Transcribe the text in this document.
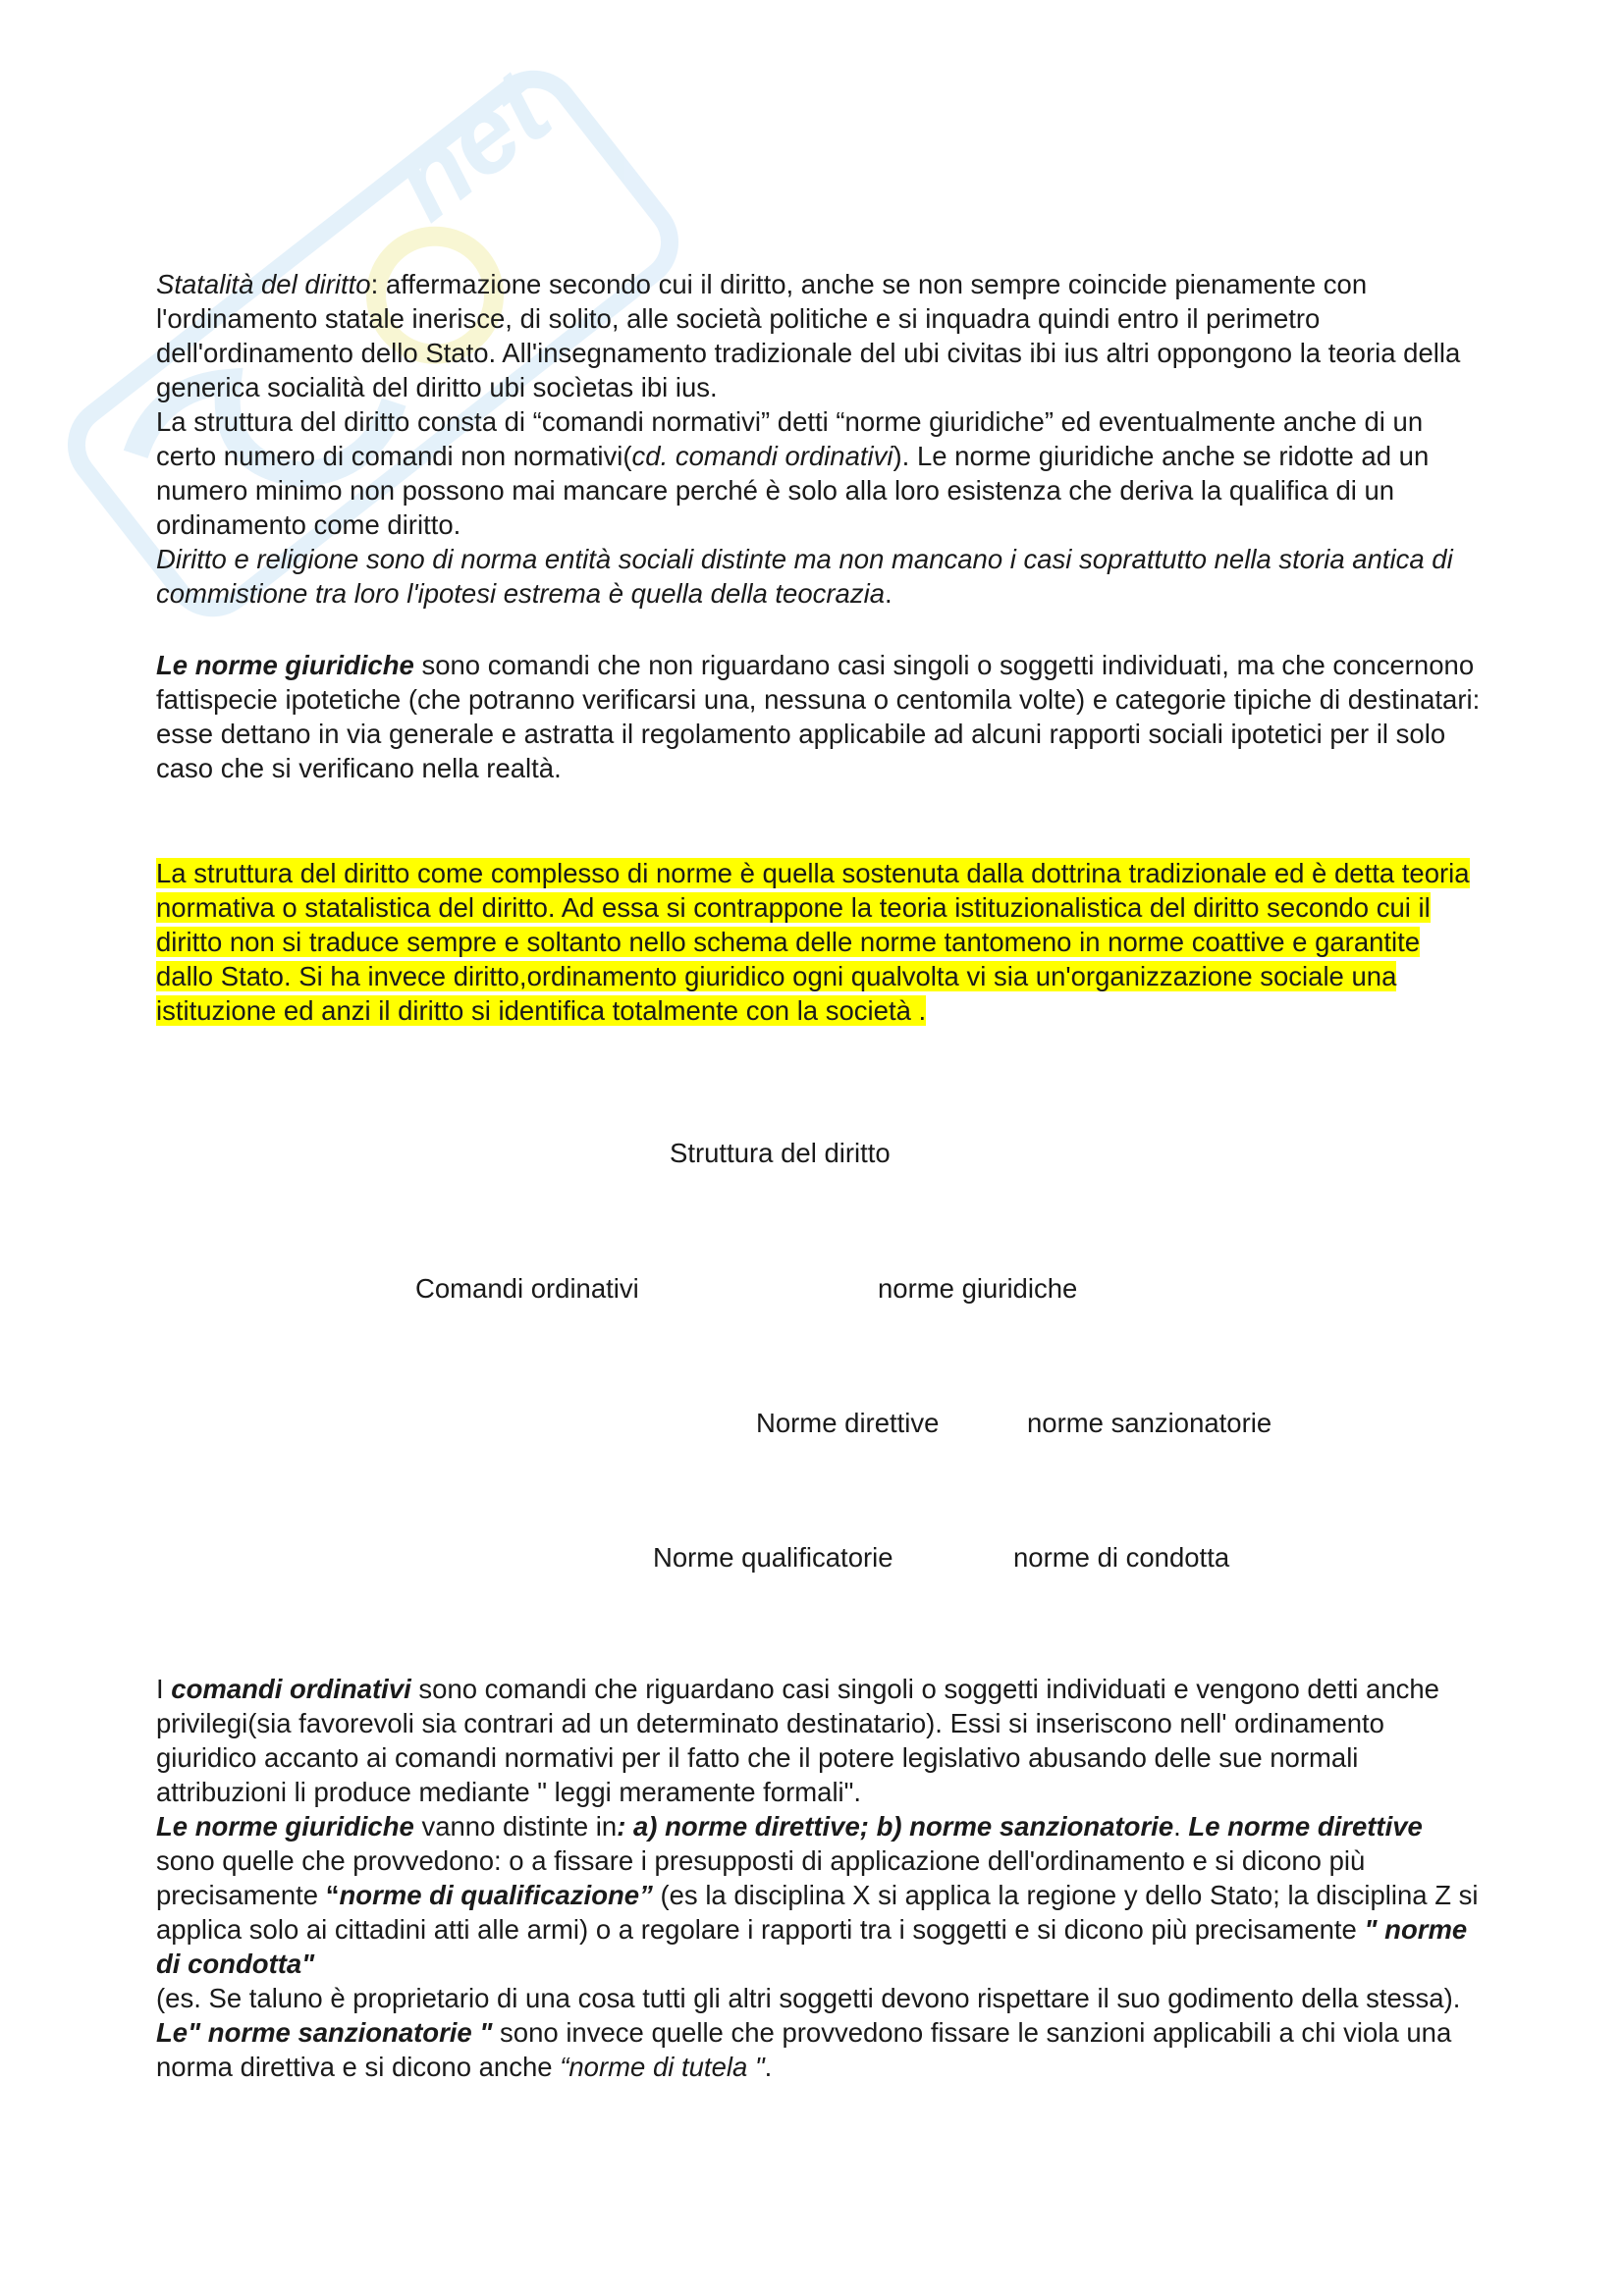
net

Statalità del diritto: affermazione secondo cui il diritto, anche se non sempre coincide pienamente con l'ordinamento statale inerisce, di solito, alle società politiche e si inquadra quindi entro il perimetro dell'ordinamento dello Stato. All'insegnamento tradizionale del ubi civitas ibi ius altri oppongono la teoria della generica socialità del diritto ubi socìetas ibi ius.

La struttura del diritto consta di “comandi normativi” detti “norme giuridiche” ed eventualmente anche di un certo numero di comandi non normativi(cd. comandi ordinativi). Le norme giuridiche anche se ridotte ad un numero minimo non possono mai mancare perché è solo alla loro esistenza che deriva la qualifica di un ordinamento come diritto.

Diritto e religione sono di norma entità sociali distinte ma non mancano i casi soprattutto nella storia antica di commistione tra loro l'ipotesi estrema è quella della teocrazia.

Le norme giuridiche sono comandi che non riguardano casi singoli o soggetti individuati, ma che concernono fattispecie ipotetiche (che potranno verificarsi una, nessuna o centomila volte) e categorie tipiche di destinatari: esse dettano in via generale e astratta il regolamento applicabile ad alcuni rapporti sociali ipotetici per il solo caso che si verificano nella realtà.

La struttura del diritto come complesso di norme è quella sostenuta dalla dottrina tradizionale ed è detta teoria normativa o statalistica del diritto. Ad essa si contrappone la teoria istituzionalistica del diritto secondo cui il diritto non si traduce sempre e soltanto nello schema delle norme tantomeno in norme coattive e garantite dallo Stato. Si ha invece diritto,ordinamento giuridico ogni qualvolta vi sia un'organizzazione sociale una istituzione ed anzi il diritto si identifica totalmente con la società .

Struttura del diritto
Comandi ordinativi	norme giuridiche
Norme direttive	norme sanzionatorie
Norme qualificatorie	norme di condotta

I comandi ordinativi sono comandi che riguardano casi singoli o soggetti individuati e vengono detti anche privilegi(sia favorevoli sia contrari ad un determinato destinatario). Essi si inseriscono nell' ordinamento giuridico accanto ai comandi normativi per il fatto che il potere legislativo abusando delle sue normali attribuzioni li produce mediante " leggi meramente formali".

Le norme giuridiche vanno distinte in: a) norme direttive; b) norme sanzionatorie. Le norme direttive sono quelle che provvedono: o a fissare i presupposti di applicazione dell'ordinamento e si dicono più precisamente “norme di qualificazione” (es la disciplina X si applica la regione y dello Stato; la disciplina Z si applica solo ai cittadini atti alle armi) o a regolare i rapporti tra i soggetti e si dicono più precisamente " norme di condotta"

(es. Se taluno è proprietario di una cosa tutti gli altri soggetti devono rispettare il suo godimento della stessa). Le" norme sanzionatorie " sono invece quelle che provvedono fissare le sanzioni applicabili a chi viola una norma direttiva e si dicono anche “norme di tutela ".
